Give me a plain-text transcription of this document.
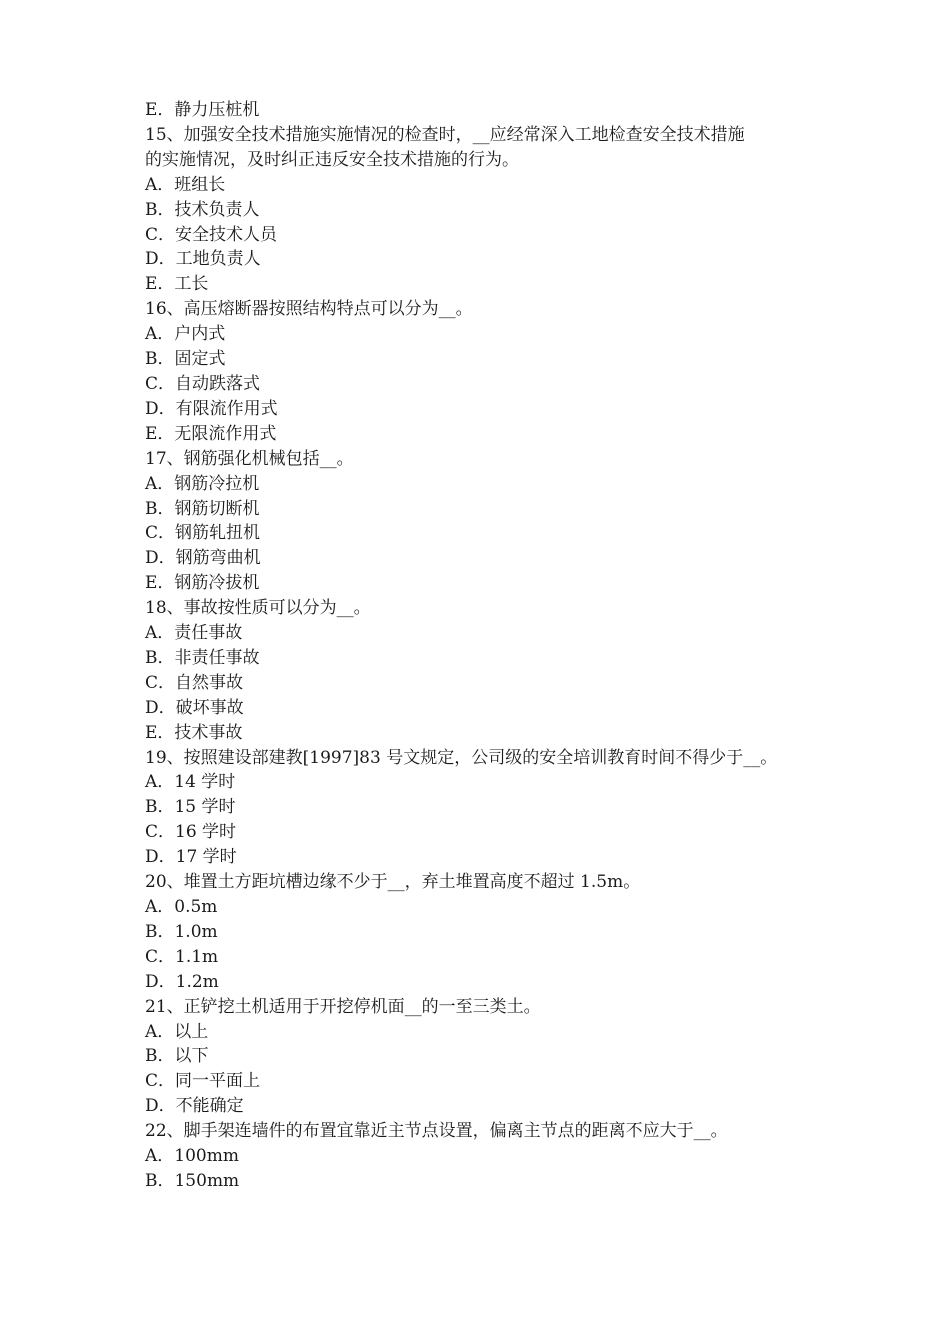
E．静力压桩机

15、加强安全技术措施实施情况的检查时，__应经常深入工地检查安全技术措施

的实施情况，及时纠正违反安全技术措施的行为。

A．班组长

B．技术负责人

C．安全技术人员

D．工地负责人

E．工长

16、高压熔断器按照结构特点可以分为__。

A．户内式

B．固定式

C．自动跌落式

D．有限流作用式

E．无限流作用式

17、钢筋强化机械包括__。

A．钢筋冷拉机

B．钢筋切断机

C．钢筋轧扭机

D．钢筋弯曲机

E．钢筋冷拔机

18、事故按性质可以分为__。

A．责任事故

B．非责任事故

C．自然事故

D．破坏事故

E．技术事故

19、按照建设部建教[1997]83 号文规定，公司级的安全培训教育时间不得少于__。

A．14 学时

B．15 学时

C．16 学时

D．17 学时

20、堆置土方距坑槽边缘不少于__，弃土堆置高度不超过 1.5m。

A．0.5m

B．1.0m

C．1.1m

D．1.2m

21、正铲挖土机适用于开挖停机面__的一至三类土。

A．以上

B．以下

C．同一平面上

D．不能确定

22、脚手架连墙件的布置宜靠近主节点设置，偏离主节点的距离不应大于__。

A．100mm

B．150mm
